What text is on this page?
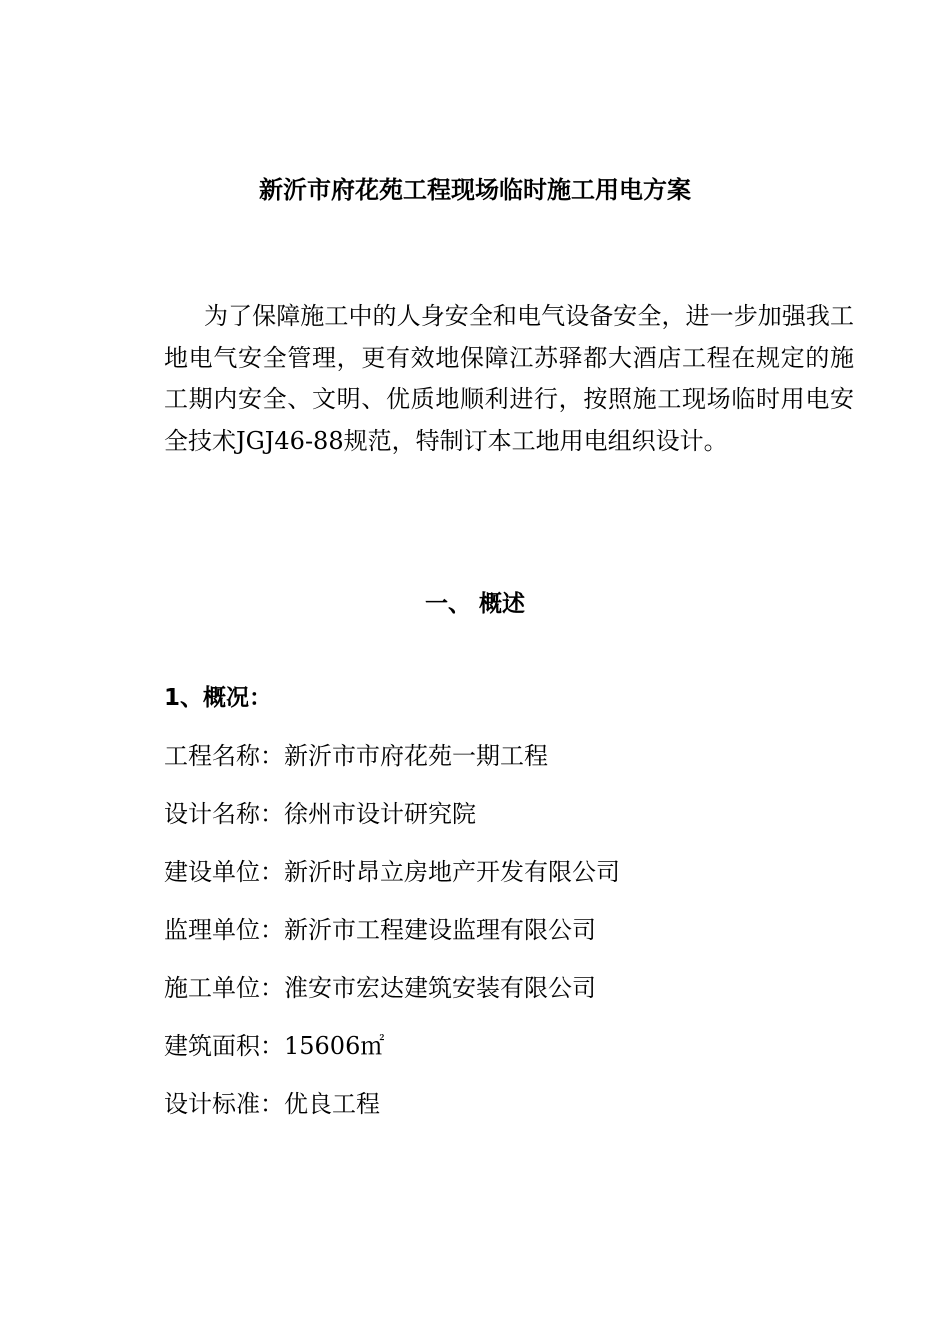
新沂市府花苑工程现场临时施工用电方案

为了保障施工中的人身安全和电气设备安全，进一步加强我工地电气安全管理，更有效地保障江苏驿都大酒店工程在规定的施工期内安全、文明、优质地顺利进行，按照施工现场临时用电安全技术JGJ46-88规范，特制订本工地用电组织设计。

一、 概述
1、概况：
工程名称：新沂市市府花苑一期工程
设计名称：徐州市设计研究院
建设单位：新沂时昂立房地产开发有限公司
监理单位：新沂市工程建设监理有限公司
施工单位：淮安市宏达建筑安装有限公司
建筑面积：15606㎡
设计标准：优良工程
